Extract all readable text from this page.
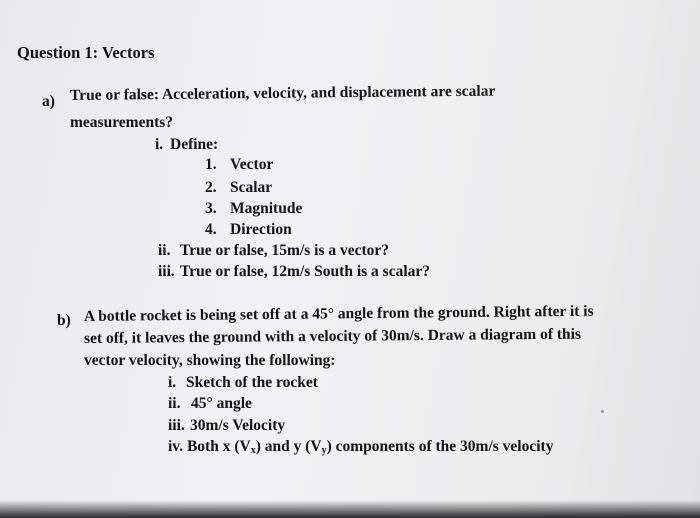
Question 1: Vectors
a) True or false: Acceleration, velocity, and displacement are scalar
measurements?
i. Define:
1. Vector
2. Scalar
3. Magnitude
4. Direction
ii. True or false, 15m/s is a vector?
iii. True or false, 12m/s South is a scalar?
b) A bottle rocket is being set off at a 45° angle from the ground. Right after it is
set off, it leaves the ground with a velocity of 30m/s. Draw a diagram of this
vector velocity, showing the following:
i. Sketch of the rocket
ii. 45° angle
iii. 30m/s Velocity
iv. Both x $(V_x)$ and y $(V_y)$ components of the 30m/s velocity
